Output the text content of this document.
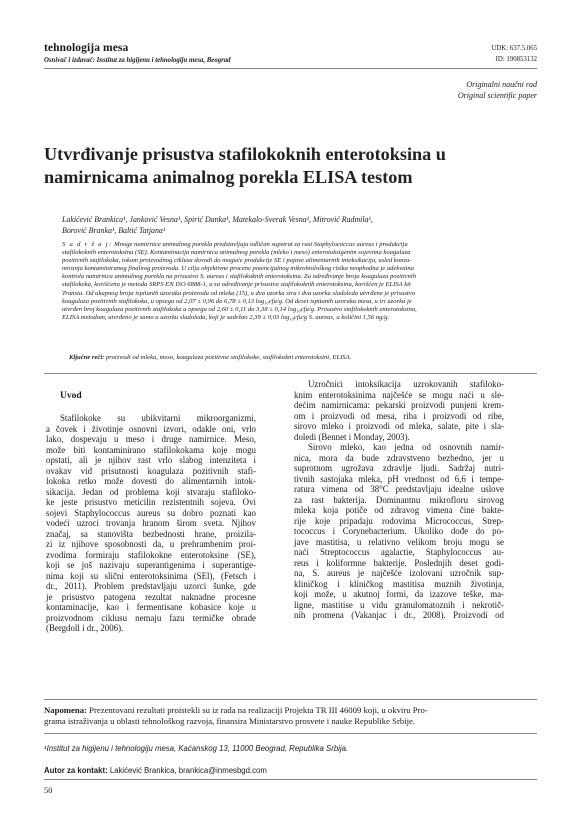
tehnologija mesa
Osnivač i izdavač: Institut za higijenu i tehnologiju mesa, Beograd
UDK: 637.5.065
ID: 190853132
Originalni naučni rad
Original scientific paper
Utvrđivanje prisustva stafilokoknih enterotoksina u
namirnicama animalnog porekla ELISA testom
Lakićević Brankica¹, Janković Vesna¹, Spirić Danka¹, Matekalo-Sverak Vesna¹, Mitrović Radmila¹,
Borović Branka¹, Baltić Tatjana¹
S a d r ž a j: Mnoge namirnice animalnog porekla predstavljaju odličan supstrat za rast Staphylococcus aureus i produkciju
stafilokoknih enterotoksina (SE). Kontaminacija namirnica animalnog porekla (mleko i meso) enterotoksigenim sojevima koagulaza
pozitivnih stafilokoka, tokom proizvodnog ciklusa dovodi do moguće produkcije SE i pojave alimentarnih intoksikacija, usled konzu-
miranja kontaminiranog finalnog proizvoda. U cilju objektivne procene potencijalnog mikrobiološkog rizika neophodna je adekvatna
kontrola namirnica animalnog porekla na prisustvo S. aureus i stafilokoknih enterotoksina. Za određivanje broja koagulaza pozitivnih
stafilokoka, korišćena je metoda SRPS EN ISO 6888-1, a za određivanje prisustva stafilokoknih enterotoksina, korišćen je ELISA kit
Transia. Od ukupnog broja ispitanih uzoraka proizvoda od mleka (15), u dva uzorka sira i dva uzorka sladoleda utvrđene je prisustvo
koagulaza pozitivnih stafilokoka, u opsegu od 2,07 ± 0,06 do 6,78 ± 0,13 log₁₀cfu/g. Od deset ispitanih uzoraka mesa, u tri uzorka je
utvrđen broj koagulaza pozitivnih stafilokoka u opsegu od 2,60 ± 0,11 do 3,38 ± 0,14 log₁₀cfu/g. Prisustvo stafilokoknih enterotoksina,
ELISA metodom, utvrđeno je samo u uzorku sladoleda, koji je sadržao 2,39 ± 0,03 log₁₀cfu/g S. aureus, u količini 1,56 ng/g.
Ključne reči: proizvodi od mleka, meso, koagulaza pozitivne stafilokoke, stafilokokni enterotoksini, ELISA.
Uvod
Stafilokoke su ubikvitarni mikroorganizmi,
a čovek i životinje osnovni izvori, odakle oni, vrlo
lako, dospevaju u meso i druge namirnice. Meso,
može biti kontaminirano stafilokokama koje mogu
opstati, ali je njihov rast vrlo slabog intenziteta i
ovakav vid prisutnosti koagulaza pozitivnih stafi-
lokoka retko može dovesti do alimentarnih intok-
sikacija. Jedan od problema koji stvaraju stafiloko-
ke jeste prisustvo meticilin rezistentnih sojeva. Ovi
sojevi Staphylococcus aureus su dobro poznati kao
vodeći uzroci trovanja hranom širom sveta. Njihov
značaj, sa stanovišta bezbednosti hrane, proizila-
zi iz njihove sposobnosti da, u prehrambenim proi-
zvodima formiraju stafilokokne enterotoksine (SE),
koji se još nazivaju superantigenima i superantige-
nima koji su slični enterotoksinima (SEl), (Fetsch i
dr., 2011). Problem predstavljaju uzorci šunke, gde
je prisustvo patogena rezultat naknadne procesne
kontaminacije, kao i fermentisane kobasice koje u
proizvodnom ciklusu nemaju fazu termičke obrade
(Bergdoll i dr., 2006).
Uzročnici intoksikacija uzrokovanih stafiloko-
knim enterotoksinima najčešće se mogu naći u sle-
dećim namirnicama: pekarski proizvodi punjeni krem-
om i proizvodi od mesa, riba i proizvodi od ribe,
sirovo mleko i proizvodi od mleka, salate, pite i sla-
doledi (Bennet i Monday, 2003).
Sirovo mleko, kao jedna od osnovnih namir-
nica, mora da bude zdravstveno bezbedno, jer u
suprotnom ugrožava zdravlje ljudi. Sadržaj nutri-
tivnih sastojaka mleka, pH vrednost od 6,6 i tempe-
ratura vimena od 38°C predstavljaju idealne uslove
za rast bakterija. Dominantnu mikrofloru sirovog
mleka koja potiče od zdravog vimena čine bakte-
rije koje pripadaju rodovima Micrococcus, Strep-
tococcus i Corynebacterium. Ukoliko dođe do po-
jave mastitisa, u relativno velikom broju mogu se
naći Streptococcus agalactie, Staphylococcus au-
reus i koliformne bakterije. Poslednjih deset godi-
na, S. aureus je najčešće izolovani uzročnik sup-
kliničkog i kliničkog mastitisa muznih životinja,
koji može, u akutnoj formi, da izazove teške, ma-
ligne, mastitise u vidu granulomatoznih i nekrotič-
nih promena (Vakanjac i dr., 2008). Proizvodi od
Napomena: Prezentovani rezultati proistekli su iz rada na realizaciji Projekta TR III 46009 koji, u okviru Pro-
grama istraživanja u oblasti tehnološkog razvoja, finansira Ministarstvo prosvete i nauke Republike Srbije.
¹Institut za higijenu i tehnologiju mesa, Kaćanskog 13, 11000 Beograd, Republika Srbija.
Autor za kontakt: Lakićević Brankica, brankica@inmesbgd.com
50
